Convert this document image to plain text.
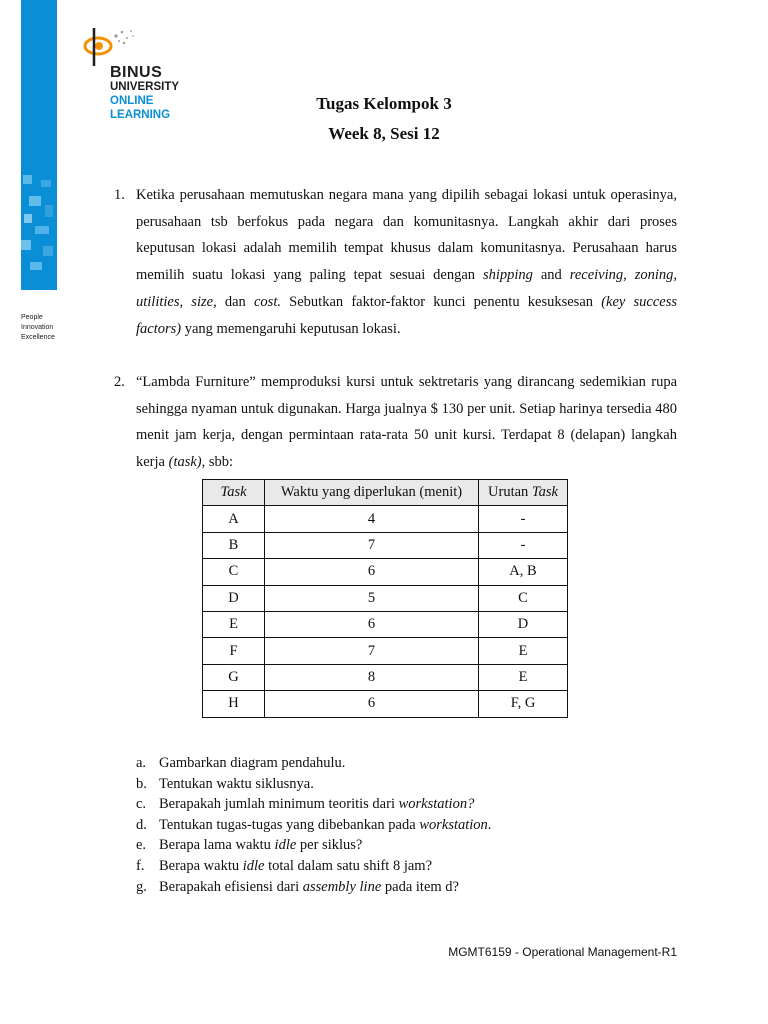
BINUS
UNIVERSITY
ONLINE
LEARNING
People
Innovation
Excellence
Tugas Kelompok 3
Week 8, Sesi 12
1. Ketika perusahaan memutuskan negara mana yang dipilih sebagai lokasi untuk operasinya, perusahaan tsb berfokus pada negara dan komunitasnya. Langkah akhir dari proses keputusan lokasi adalah memilih tempat khusus dalam komunitasnya. Perusahaan harus memilih suatu lokasi yang paling tepat sesuai dengan shipping and receiving, zoning, utilities, size, dan cost. Sebutkan faktor-faktor kunci penentu kesuksesan (key success factors) yang memengaruhi keputusan lokasi.
2. “Lambda Furniture” memproduksi kursi untuk sektretaris yang dirancang sedemikian rupa sehingga nyaman untuk digunakan. Harga jualnya $ 130 per unit. Setiap harinya tersedia 480 menit jam kerja, dengan permintaan rata-rata 50 unit kursi. Terdapat 8 (delapan) langkah kerja (task), sbb:
Task	Waktu yang diperlukan (menit)	Urutan Task
A	4	-
B	7	-
C	6	A, B
D	5	C
E	6	D
F	7	E
G	8	E
H	6	F, G
a. Gambarkan diagram pendahulu.
b. Tentukan waktu siklusnya.
c. Berapakah jumlah minimum teoritis dari workstation?
d. Tentukan tugas-tugas yang dibebankan pada workstation.
e. Berapa lama waktu idle per siklus?
f. Berapa waktu idle total dalam satu shift 8 jam?
g. Berapakah efisiensi dari assembly line pada item d?
MGMT6159 - Operational Management-R1
